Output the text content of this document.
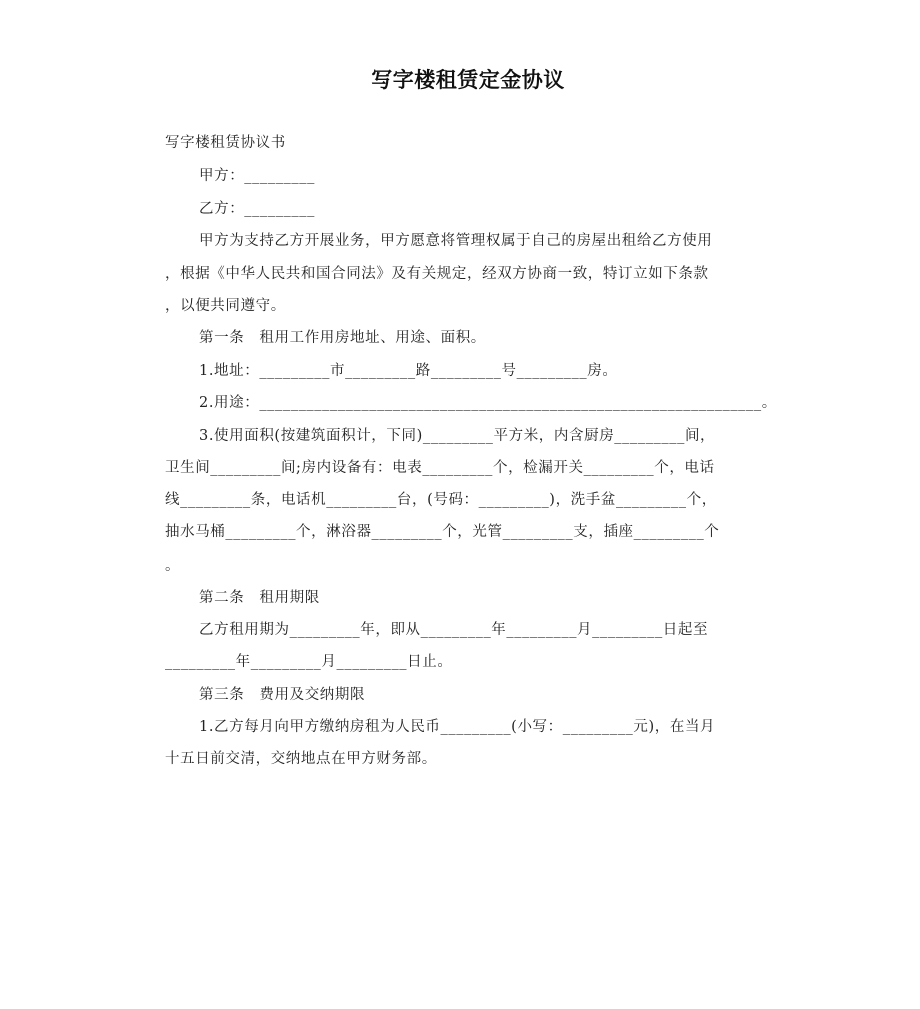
写字楼租赁定金协议
写字楼租赁协议书
甲方：_________
乙方：_________
甲方为支持乙方开展业务，甲方愿意将管理权属于自己的房屋出租给乙方使用
，根据《中华人民共和国合同法》及有关规定，经双方协商一致，特订立如下条款
，以便共同遵守。
第一条　租用工作用房地址、用途、面积。
1.地址：_________市_________路_________号_________房。
2.用途：________________________________________________________________。
3.使用面积(按建筑面积计，下同)_________平方米，内含厨房_________间，
卫生间_________间;房内设备有：电表_________个，检漏开关_________个，电话
线_________条，电话机_________台，(号码：_________)，洗手盆_________个，
抽水马桶_________个，淋浴器_________个，光管_________支，插座_________个
。
第二条　租用期限
乙方租用期为_________年，即从_________年_________月_________日起至
_________年_________月_________日止。
第三条　费用及交纳期限
1.乙方每月向甲方缴纳房租为人民币_________(小写：_________元)，在当月
十五日前交清，交纳地点在甲方财务部。
